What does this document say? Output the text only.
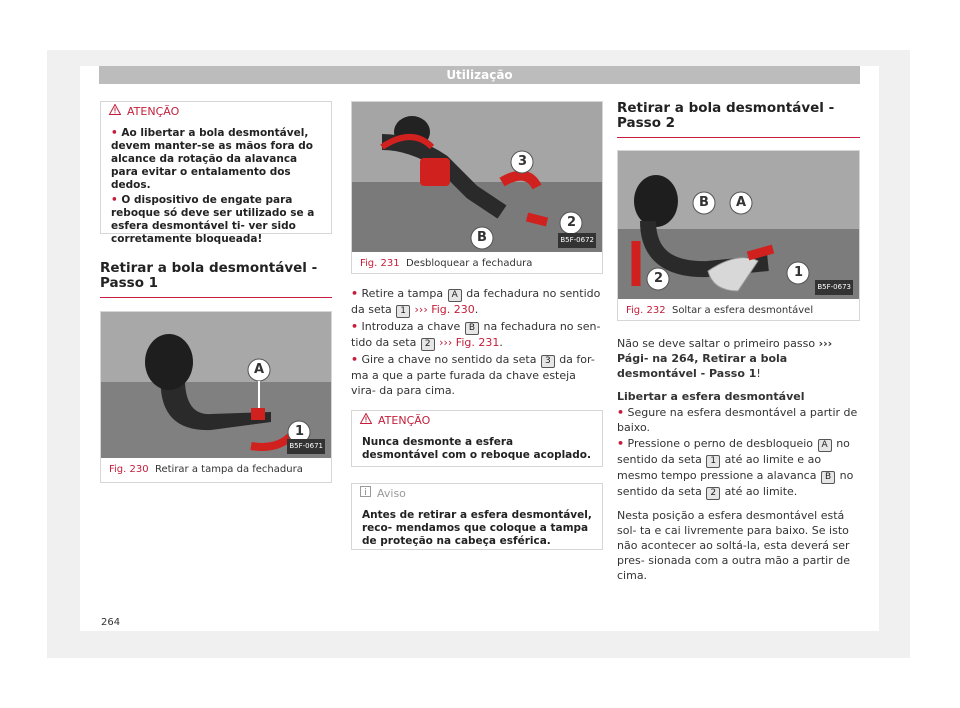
Utilização
ATENÇÃO

• Ao libertar a bola desmontável, devem manter-se as mãos fora do alcance da rotação da alavanca para evitar o entalamento dos dedos.

• O dispositivo de engate para reboque só deve ser utilizado se a esfera desmontável ti- ver sido corretamente bloqueada!

Retirar a bola desmontável - Passo 1
A
1
B5F-0671
Fig. 230 Retirar a tampa da fechadura
3
2
B	B5F-0672
Fig. 231 Desbloquear a fechadura

• Retire a tampa A da fechadura no sentido da seta 1 ››› Fig. 230.

• Introduza a chave B na fechadura no sen- tido da seta 2 ››› Fig. 231.

• Gire a chave no sentido da seta 3 da for- ma a que a parte furada da chave esteja vira- da para cima.

ATENÇÃO
Nunca desmonte a esfera desmontável com o reboque acoplado.
Aviso
Antes de retirar a esfera desmontável, reco- mendamos que coloque a tampa de proteção na cabeça esférica.
Retirar a bola desmontável - Passo 2
B A
2	1
B5F-0673
Fig. 232 Soltar a esfera desmontável

Não se deve saltar o primeiro passo ››› Pági- na 264, Retirar a bola desmontável - Passo 1!

Libertar a esfera desmontável

• Segure na esfera desmontável a partir de baixo.

• Pressione o perno de desbloqueio A no sentido da seta 1 até ao limite e ao mesmo tempo pressione a alavanca B no sentido da seta 2 até ao limite.

Nesta posição a esfera desmontável está sol- ta e cai livremente para baixo. Se isto não acontecer ao soltá-la, esta deverá ser pres- sionada com a outra mão a partir de cima.

264
